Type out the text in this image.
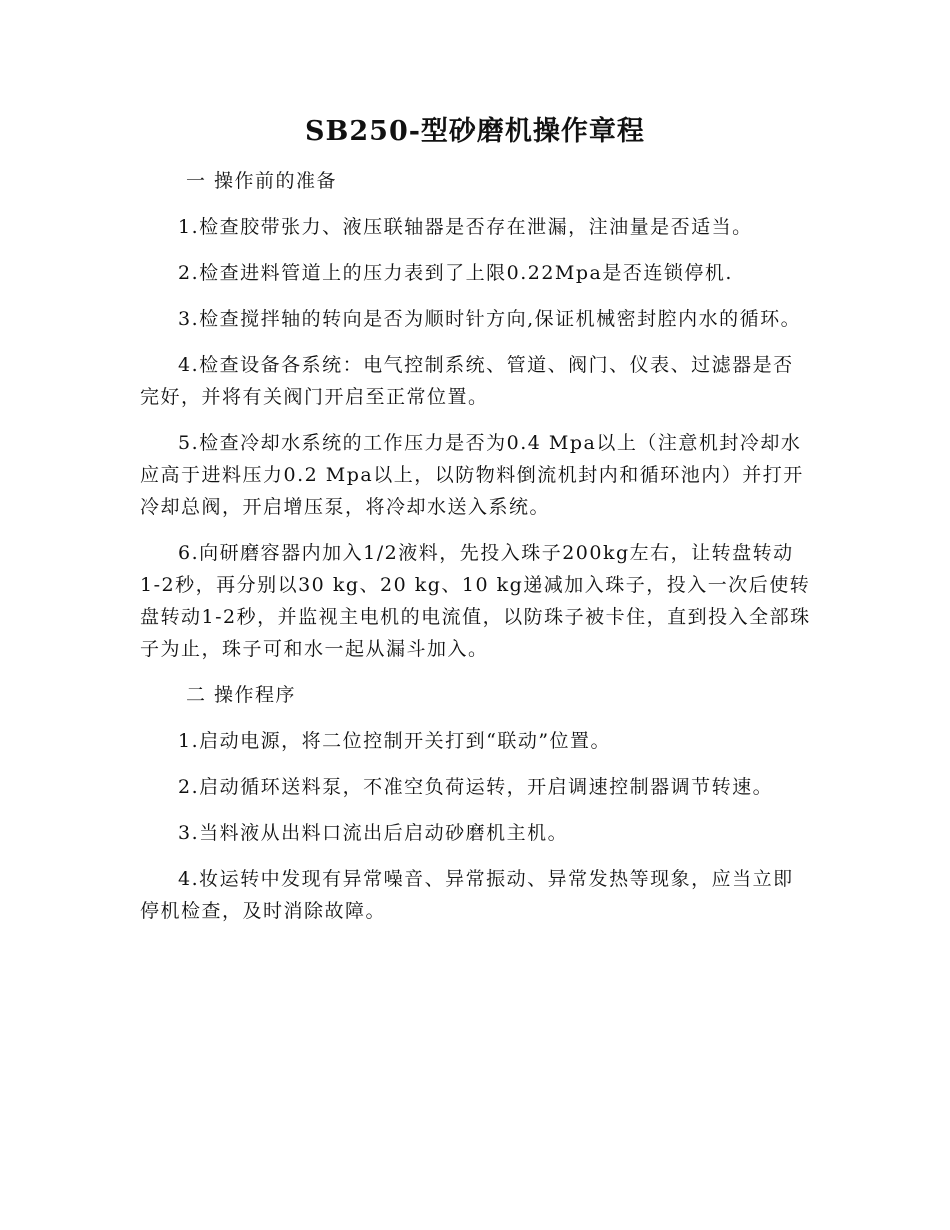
SB250-型砂磨机操作章程

一 操作前的准备

1.检查胶带张力、液压联轴器是否存在泄漏，注油量是否适当。

2.检查进料管道上的压力表到了上限0.22Mpa是否连锁停机.

3.检查搅拌轴的转向是否为顺时针方向,保证机械密封腔内水的循环。

4.检查设备各系统：电气控制系统、管道、阀门、仪表、过滤器是否完好，并将有关阀门开启至正常位置。

5.检查冷却水系统的工作压力是否为0.4 Mpa以上（注意机封冷却水应高于进料压力0.2 Mpa以上，以防物料倒流机封内和循环池内）并打开冷却总阀，开启增压泵，将冷却水送入系统。

6.向研磨容器内加入1/2液料，先投入珠子200kg左右，让转盘转动1-2秒，再分别以30 kg、20 kg、10 kg递减加入珠子，投入一次后使转盘转动1-2秒，并监视主电机的电流值，以防珠子被卡住，直到投入全部珠子为止，珠子可和水一起从漏斗加入。

二 操作程序

1.启动电源，将二位控制开关打到“联动”位置。

2.启动循环送料泵，不准空负荷运转，开启调速控制器调节转速。

3.当料液从出料口流出后启动砂磨机主机。

4.妆运转中发现有异常噪音、异常振动、异常发热等现象，应当立即停机检查，及时消除故障。
